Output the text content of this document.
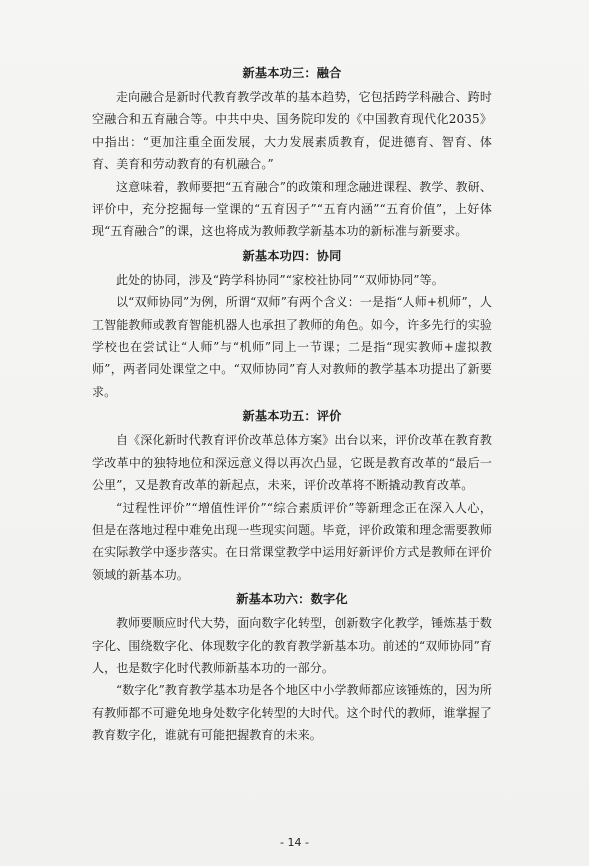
新基本功三：融合

走向融合是新时代教育教学改革的基本趋势，它包括跨学科融合、跨时空融合和五育融合等。中共中央、国务院印发的《中国教育现代化2035》中指出：“更加注重全面发展，大力发展素质教育，促进德育、智育、体育、美育和劳动教育的有机融合。”

这意味着，教师要把“五育融合”的政策和理念融进课程、教学、教研、评价中，充分挖掘每一堂课的“五育因子”“五育内涵”“五育价值”，上好体现“五育融合”的课，这也将成为教师教学新基本功的新标准与新要求。

新基本功四：协同

此处的协同，涉及“跨学科协同”“家校社协同”“双师协同”等。

以“双师协同”为例，所谓“双师”有两个含义：一是指“人师+机师”，人工智能教师或教育智能机器人也承担了教师的角色。如今，许多先行的实验学校也在尝试让“人师”与“机师”同上一节课；二是指“现实教师+虚拟教师”，两者同处课堂之中。“双师协同”育人对教师的教学基本功提出了新要求。

新基本功五：评价

自《深化新时代教育评价改革总体方案》出台以来，评价改革在教育教学改革中的独特地位和深远意义得以再次凸显，它既是教育改革的“最后一公里”，又是教育改革的新起点，未来，评价改革将不断撬动教育改革。

“过程性评价”“增值性评价”“综合素质评价”等新理念正在深入人心，但是在落地过程中难免出现一些现实问题。毕竟，评价政策和理念需要教师在实际教学中逐步落实。在日常课堂教学中运用好新评价方式是教师在评价领域的新基本功。

新基本功六：数字化

教师要顺应时代大势，面向数字化转型，创新数字化教学，锤炼基于数字化、围绕数字化、体现数字化的教育教学新基本功。前述的“双师协同”育人，也是数字化时代教师新基本功的一部分。

“数字化”教育教学基本功是各个地区中小学教师都应该锤炼的，因为所有教师都不可避免地身处数字化转型的大时代。这个时代的教师，谁掌握了教育数字化，谁就有可能把握教育的未来。

- 14 -
